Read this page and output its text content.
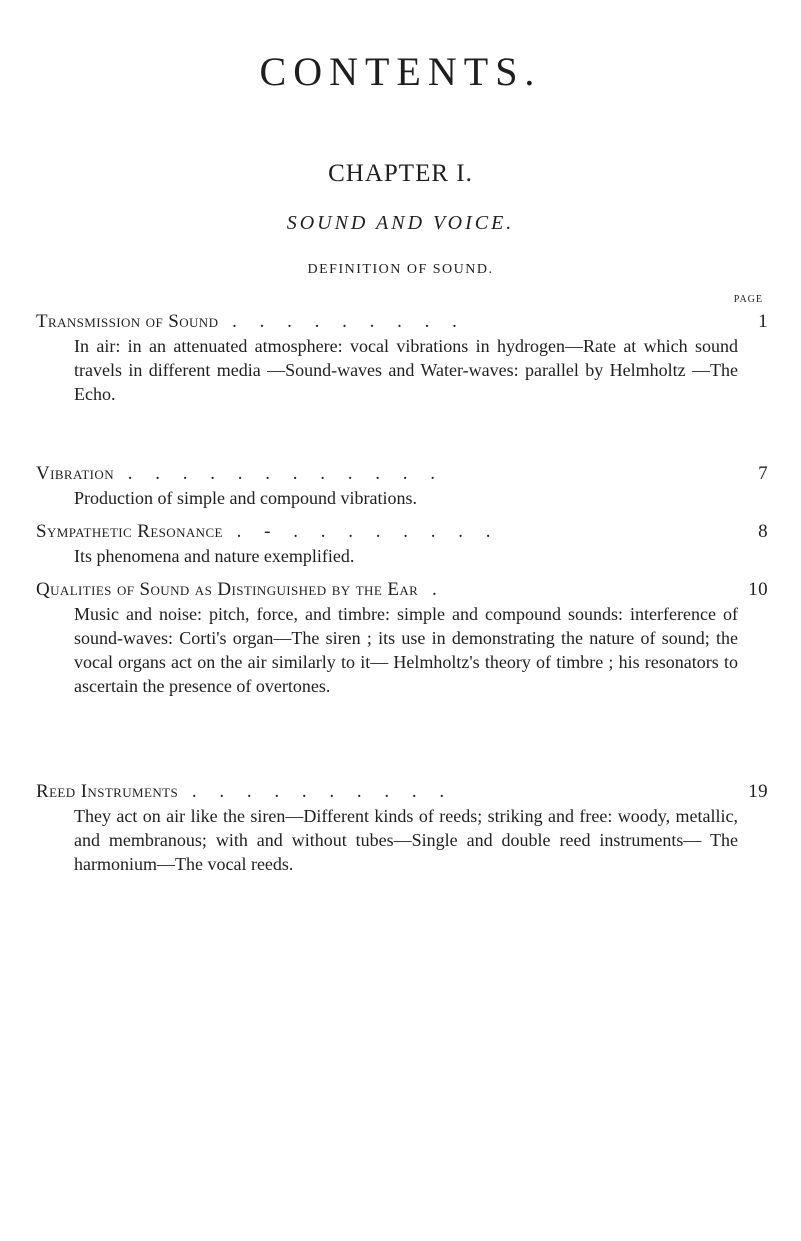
CONTENTS.
CHAPTER I.
SOUND AND VOICE.
DEFINITION OF SOUND.
PAGE
Transmission of Sound . . . . . . . . .	1
In air: in an attenuated atmosphere: vocal vibrations in hydrogen—Rate at which sound travels in different media —Sound-waves and Water-waves: parallel by Helmholtz —The Echo.
Vibration . . . . . . . . . . . .	7
Production of simple and compound vibrations.
Sympathetic Resonance . - . . . . . . . .	8
Its phenomena and nature exemplified.
Qualities of Sound as Distinguished by the Ear .	10
Music and noise: pitch, force, and timbre: simple and compound sounds: interference of sound-waves: Corti's organ—The siren ; its use in demonstrating the nature of sound; the vocal organs act on the air similarly to it— Helmholtz's theory of timbre ; his resonators to ascertain the presence of overtones.
Reed Instruments . . . . . . . . . .	19
They act on air like the siren—Different kinds of reeds; striking and free: woody, metallic, and membranous; with and without tubes—Single and double reed instruments— The harmonium—The vocal reeds.
